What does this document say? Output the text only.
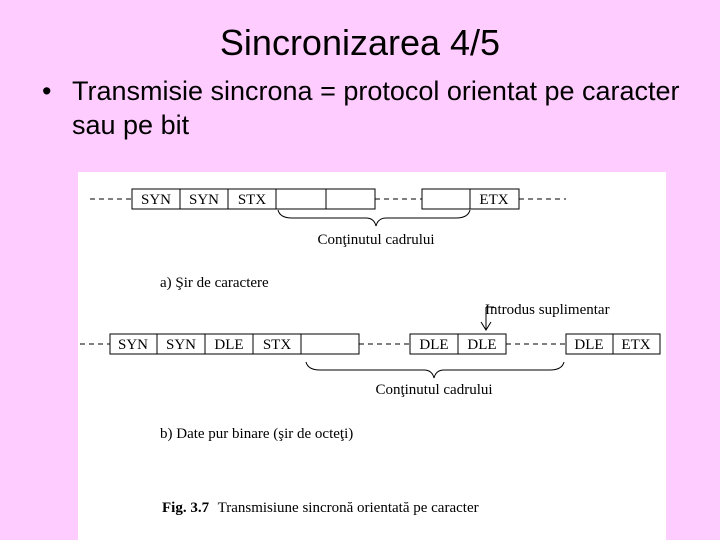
Sincronizarea 4/5
• Transmisie sincrona = protocol orientat pe caracter sau pe bit
SYN SYN STX	ETX
Conţinutul cadrului
a) Şir de caractere
Introdus suplimentar
SYN SYN DLE STX	DLE DLE	DLE ETX
Conţinutul cadrului
b) Date pur binare (şir de octeţi)
Fig. 3.7 Transmisiune sincronă orientată pe caracter
